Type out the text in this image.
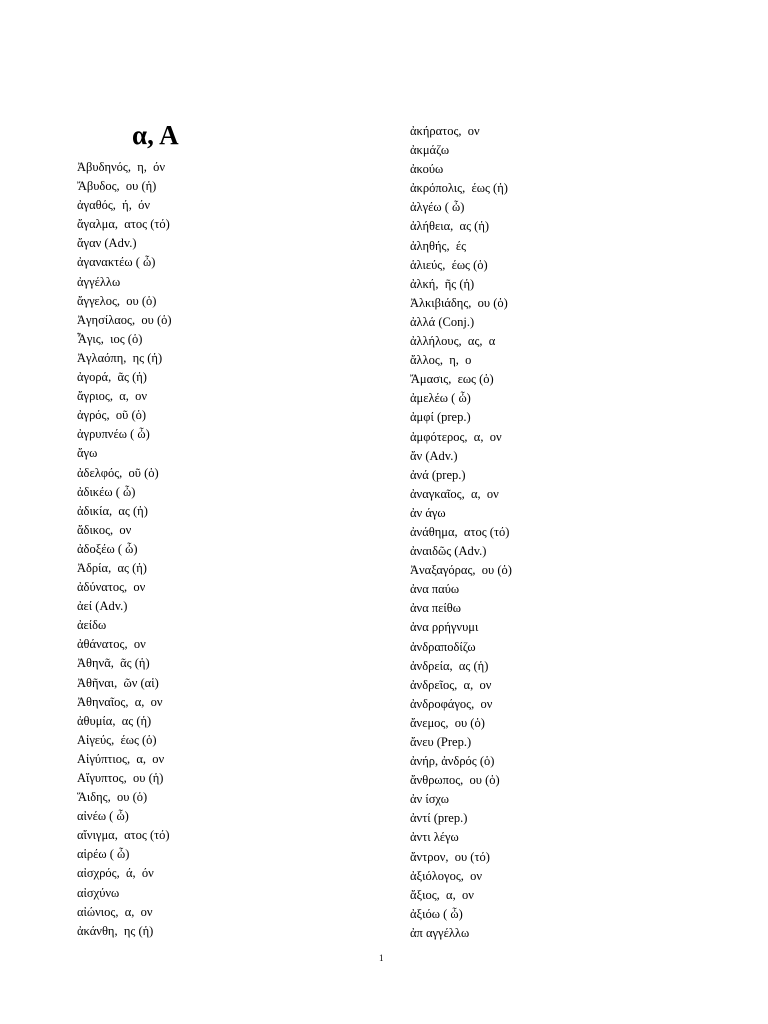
α, Α
Ἀβυδηνός,  η,  όν
Ἄβυδος,  ου (ἡ)
ἀγαθός,  ή,  όν
ἄγαλμα,  ατος (τό)
ἄγαν (Adv.)
ἀγανακτέω ( ὦ)
ἀγγέλλω
ἄγγελος,  ου (ὁ)
Ἀγησίλαος,  ου (ὁ)
Ἆγις,  ιος (ὁ)
Ἀγλαόπη,  ης (ἡ)
ἀγορά,  ᾶς (ἡ)
ἄγριος,  α,  ον
ἀγρός,  οῦ (ὁ)
ἀγρυπνέω ( ὦ)
ἄγω
ἀδελφός,  οῦ (ὁ)
ἀδικέω ( ὦ)
ἀδικία,  ας (ἡ)
ἄδικος,  ον
ἀδοξέω ( ὦ)
Ἀδρία,  ας (ἡ)
ἀδύνατος,  ον
ἀεί (Adv.)
ἀείδω
ἀθάνατος,  ον
Ἀθηνᾶ,  ᾶς (ἡ)
Ἀθῆναι,  ῶν (αἱ)
Ἀθηναῖος,  α,  ον
ἀθυμία,  ας (ἡ)
Αἰγεύς,  έως (ὁ)
Αἰγύπτιος,  α,  ον
Αἴγυπτος,  ου (ἡ)
Ἅιδης,  ου (ὁ)
αἰνέω ( ὦ)
αἴνιγμα,  ατος (τό)
αἱρέω ( ὦ)
αἰσχρός,  ά,  όν
αἰσχύνω
αἰώνιος,  α,  ον
ἀκάνθη,  ης (ἡ)
ἀκήρατος,  ον
ἀκμάζω
ἀκούω
ἀκρόπολις,  έως (ἡ)
ἀλγέω ( ὦ)
ἀλήθεια,  ας (ἡ)
ἀληθής,  ές
ἁλιεύς,  έως (ὁ)
ἀλκή,  ῆς (ἡ)
Ἀλκιβιάδης,  ου (ὁ)
ἀλλά (Conj.)
ἀλλήλους,  ας,  α
ἄλλος,  η,  ο
Ἄμασις,  εως (ὁ)
ἀμελέω ( ὦ)
ἀμφί (prep.)
ἀμφότερος,  α,  ον
ἄν (Adv.)
ἀνά (prep.)
ἀναγκαῖος,  α,  ον
ἀν άγω
ἀνάθημα,  ατος (τό)
ἀναιδῶς (Adv.)
Ἀναξαγόρας,  ου (ὁ)
ἀνα παύω
ἀνα πείθω
ἀνα ρρήγνυμι
ἀνδραποδίζω
ἀνδρεία,  ας (ἡ)
ἀνδρεῖος,  α,  ον
ἀνδροφάγος,  ον
ἄνεμος,  ου (ὁ)
ἄνευ (Prep.)
ἀνήρ, ἀνδρός (ὁ)
ἄνθρωπος,  ου (ὁ)
ἀν ίσχω
ἀντί (prep.)
ἀντι λέγω
ἄντρον,  ου (τό)
ἀξιόλογος,  ον
ἄξιος,  α,  ον
ἀξιόω ( ὦ)
ἀπ αγγέλλω
1
